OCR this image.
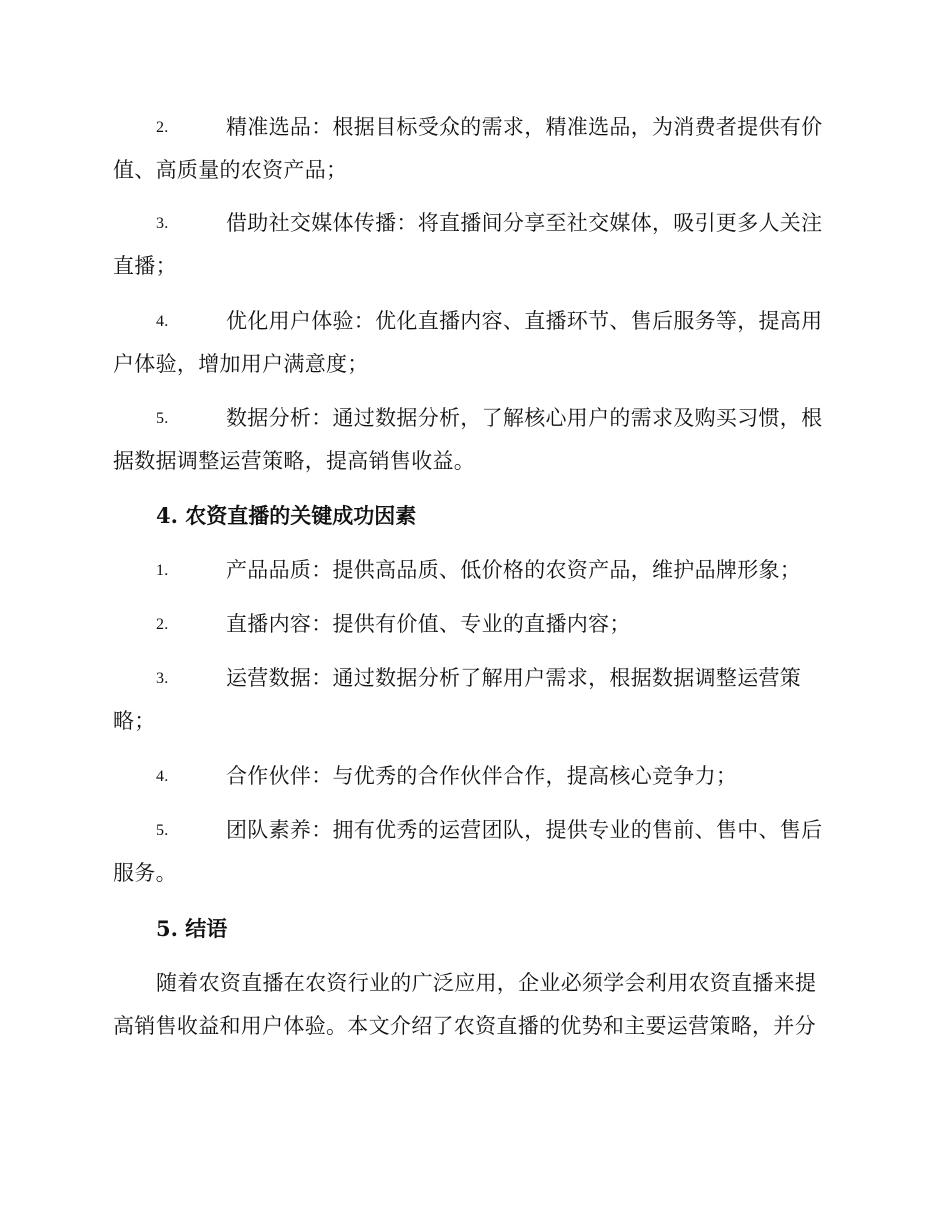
2.	精准选品：根据目标受众的需求，精准选品，为消费者提供有价
值、高质量的农资产品；
3.	借助社交媒体传播：将直播间分享至社交媒体，吸引更多人关注
直播；
4.	优化用户体验：优化直播内容、直播环节、售后服务等，提高用
户体验，增加用户满意度；
5.	数据分析：通过数据分析，了解核心用户的需求及购买习惯，根
据数据调整运营策略，提高销售收益。
4. 农资直播的关键成功因素
1.	产品品质：提供高品质、低价格的农资产品，维护品牌形象；
2.	直播内容：提供有价值、专业的直播内容；
3.	运营数据：通过数据分析了解用户需求，根据数据调整运营策
略；
4.	合作伙伴：与优秀的合作伙伴合作，提高核心竞争力；
5.	团队素养：拥有优秀的运营团队，提供专业的售前、售中、售后
服务。
5. 结语
随着农资直播在农资行业的广泛应用，企业必须学会利用农资直播来提
高销售收益和用户体验。本文介绍了农资直播的优势和主要运营策略，并分
